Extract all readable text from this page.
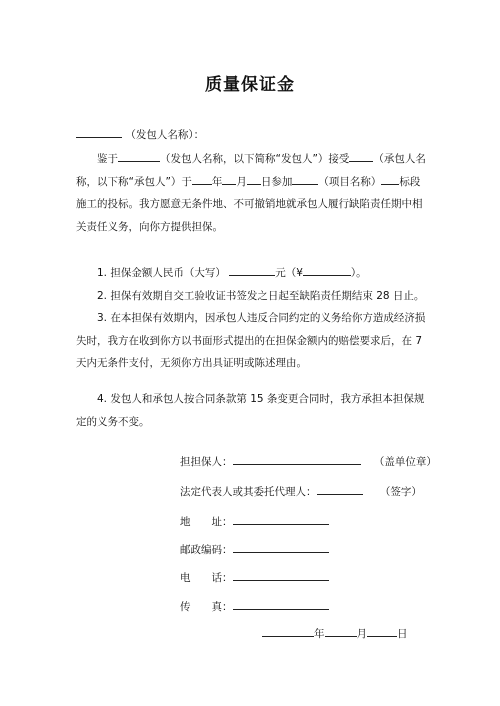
质量保证金
（发包人名称）：
鉴于	（发包人名称，以下简称“发包人”）接受 （承包人名称，以下称“承包人”）于 年 月 日参加 （项目名称） 标段施工的投标。我方愿意无条件地、不可撤销地就承包人履行缺陷责任期中相关责任义务，向你方提供担保。
1. 担保金额人民币（大写）	元（¥	）。
2. 担保有效期自交工验收证书签发之日起至缺陷责任期结束 28 日止。
3. 在本担保有效期内，因承包人违反合同约定的义务给你方造成经济损失时，我方在收到你方以书面形式提出的在担保金额内的赔偿要求后，在 7 天内无条件支付，无须你方出具证明或陈述理由。
4. 发包人和承包人按合同条款第 15 条变更合同时，我方承担本担保规定的义务不变。
担担保人：	（盖单位章）
法定代表人或其委托代理人：	（签字）
地　　址：
邮政编码：
电　　话：
传　　真：
年	月	日
